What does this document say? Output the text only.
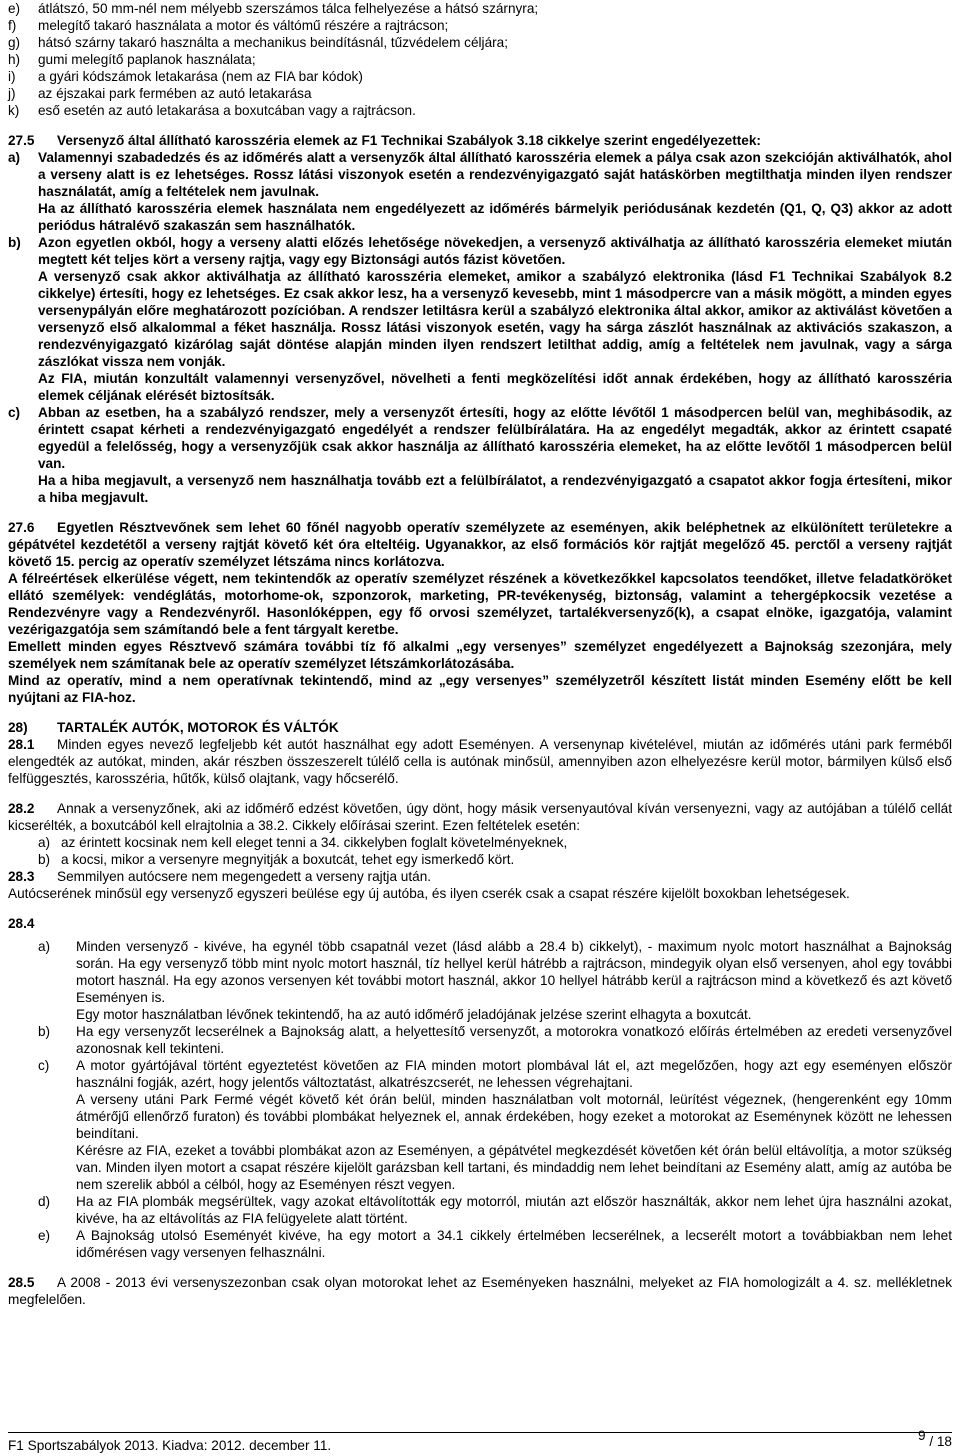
e)	átlátszó, 50 mm-nél nem mélyebb szerszámos tálca felhelyezése a hátsó szárnyra;
f)	melegítő takaró használata a motor és váltómű részére a rajtrácson;
g)	hátsó szárny takaró használta a mechanikus beindításnál, tűzvédelem céljára;
h)	gumi melegítő paplanok használata;
i)	a gyári kódszámok letakarása (nem az FIA bar kódok)
j)	az éjszakai park fermében az autó letakarása
k)	eső esetén az autó letakarása a boxutcában vagy a rajtrácson.
27.5	Versenyző által állítható karosszéria elemek az F1 Technikai Szabályok 3.18 cikkelye szerint engedélyezettek:
a)	Valamennyi szabadedzés és az időmérés alatt a versenyzők által állítható karosszéria elemek a pálya csak azon szekcióján aktiválhatók, ahol a verseny alatt is ez lehetséges. Rossz látási viszonyok esetén a rendezvényigazgató saját hatáskörben megtilthatja minden ilyen rendszer használatát, amíg a feltételek nem javulnak.

Ha az állítható karosszéria elemek használata nem engedélyezett az időmérés bármelyik periódusának kezdetén (Q1, Q, Q3) akkor az adott periódus hátralévő szakaszán sem használhatók.

b)	Azon egyetlen okból, hogy a verseny alatti előzés lehetősége növekedjen, a versenyző aktiválhatja az állítható karosszéria elemeket miután megtett két teljes kört a verseny rajtja, vagy egy Biztonsági autós fázist követően.

A versenyző csak akkor aktiválhatja az állítható karosszéria elemeket, amikor a szabályzó elektronika (lásd F1 Technikai Szabályok 8.2 cikkelye) értesíti, hogy ez lehetséges. Ez csak akkor lesz, ha a versenyző kevesebb, mint 1 másodpercre van a másik mögött, a minden egyes versenypályán előre meghatározott pozícióban. A rendszer letiltásra kerül a szabályzó elektronika által akkor, amikor az aktiválást követően a versenyző első alkalommal a féket használja. Rossz látási viszonyok esetén, vagy ha sárga zászlót használnak az aktivációs szakaszon, a rendezvényigazgató kizárólag saját döntése alapján minden ilyen rendszert letilthat addig, amíg a feltételek nem javulnak, vagy a sárga zászlókat vissza nem vonják.

Az FIA, miután konzultált valamennyi versenyzővel, növelheti a fenti megközelítési időt annak érdekében, hogy az állítható karosszéria elemek céljának elérését biztosítsák.

c)	Abban az esetben, ha a szabályzó rendszer, mely a versenyzőt értesíti, hogy az előtte lévőtől 1 másodpercen belül van, meghibásodik, az érintett csapat kérheti a rendezvényigazgató engedélyét a rendszer felülbírálatára. Ha az engedélyt megadták, akkor az érintett csapaté egyedül a felelősség, hogy a versenyzőjük csak akkor használja az állítható karosszéria elemeket, ha az előtte levőtől 1 másodpercen belül van.

Ha a hiba megjavult, a versenyző nem használhatja tovább ezt a felülbírálatot, a rendezvényigazgató a csapatot akkor fogja értesíteni, mikor a hiba megjavult.

27.6 Egyetlen Résztvevőnek sem lehet 60 főnél nagyobb operatív személyzete az eseményen, akik beléphetnek az elkülönített területekre a gépátvétel kezdetétől a verseny rajtját követő két óra elteltéig. Ugyanakkor, az első formációs kör rajtját megelőző 45. perctől a verseny rajtját követő 15. percig az operatív személyzet létszáma nincs korlátozva.

A félreértések elkerülése végett, nem tekintendők az operatív személyzet részének a következőkkel kapcsolatos teendőket, illetve feladatköröket ellátó személyek: vendéglátás, motorhome-ok, szponzorok, marketing, PR-tevékenység, biztonság, valamint a tehergépkocsik vezetése a Rendezvényre vagy a Rendezvényről. Hasonlóképpen, egy fő orvosi személyzet, tartalékversenyző(k), a csapat elnöke, igazgatója, valamint vezérigazgatója sem számítandó bele a fent tárgyalt keretbe.

Emellett minden egyes Résztvevő számára további tíz fő alkalmi „egy versenyes” személyzet engedélyezett a Bajnokság szezonjára, mely személyek nem számítanak bele az operatív személyzet létszámkorlátozásába.

Mind az operatív, mind a nem operatívnak tekintendő, mind az „egy versenyes” személyzetről készített listát minden Esemény előtt be kell nyújtani az FIA-hoz.

28)	TARTALÉK AUTÓK, MOTOROK ÉS VÁLTÓK

28.1 Minden egyes nevező legfeljebb két autót használhat egy adott Eseményen. A versenynap kivételével, miután az időmérés utáni park ferméből elengedték az autókat, minden, akár részben összeszerelt túlélő cella is autónak minősül, amennyiben azon elhelyezésre kerül motor, bármilyen külső első felfüggesztés, karosszéria, hűtők, külső olajtank, vagy hőcserélő.

28.2 Annak a versenyzőnek, aki az időmérő edzést követően, úgy dönt, hogy másik versenyautóval kíván versenyezni, vagy az autójában a túlélő cellát kicserélték, a boxutcából kell elrajtolnia a 38.2. Cikkely előírásai szerint. Ezen feltételek esetén:

a) az érintett kocsinak nem kell eleget tenni a 34. cikkelyben foglalt követelményeknek,
b) a kocsi, mikor a versenyre megnyitják a boxutcát, tehet egy ismerkedő kört.

28.3 Semmilyen autócsere nem megengedett a verseny rajtja után.

Autócserének minősül egy versenyző egyszeri beülése egy új autóba, és ilyen cserék csak a csapat részére kijelölt boxokban lehetségesek.

28.4
a)	Minden versenyző - kivéve, ha egynél több csapatnál vezet (lásd alább a 28.4 b) cikkelyt), - maximum nyolc motort használhat a Bajnokság során. Ha egy versenyző több mint nyolc motort használ, tíz hellyel kerül hátrébb a rajtrácson, mindegyik olyan első versenyen, ahol egy további motort használ. Ha egy azonos versenyen két további motort használ, akkor 10 hellyel hátrább kerül a rajtrácson mind a következő és azt követő Eseményen is.

Egy motor használatban lévőnek tekintendő, ha az autó időmérő jeladójának jelzése szerint elhagyta a boxutcát.

b)	Ha egy versenyzőt lecserélnek a Bajnokság alatt, a helyettesítő versenyzőt, a motorokra vonatkozó előírás értelmében az eredeti versenyzővel azonosnak kell tekinteni.

c)	A motor gyártójával történt egyeztetést követően az FIA minden motort plombával lát el, azt megelőzően, hogy azt egy eseményen először használni fogják, azért, hogy jelentős változtatást, alkatrészcserét, ne lehessen végrehajtani.

A verseny utáni Park Fermé végét követő két órán belül, minden használatban volt motornál, leürítést végeznek, (hengerenként egy 10mm átmérőjű ellenőrző furaton) és további plombákat helyeznek el, annak érdekében, hogy ezeket a motorokat az Eseménynek között ne lehessen beindítani.

Kérésre az FIA, ezeket a további plombákat azon az Eseményen, a gépátvétel megkezdését követően két órán belül eltávolítja, a motor szükség van. Minden ilyen motort a csapat részére kijelölt garázsban kell tartani, és mindaddig nem lehet beindítani az Esemény alatt, amíg az autóba be nem szerelik abból a célból, hogy az Eseményen részt vegyen.

d)	Ha az FIA plombák megsérültek, vagy azokat eltávolították egy motorról, miután azt először használták, akkor nem lehet újra használni azokat, kivéve, ha az eltávolítás az FIA felügyelete alatt történt.

e)	A Bajnokság utolsó Eseményét kivéve, ha egy motort a 34.1 cikkely értelmében lecserélnek, a lecserélt motort a továbbiakban nem lehet időmérésen vagy versenyen felhasználni.

28.5 A 2008 - 2013 évi versenyszezonban csak olyan motorokat lehet az Eseményeken használni, melyeket az FIA homologizált a 4. sz. mellékletnek megfelelően.

F1 Sportszabályok 2013. Kiadva: 2012. december 11.
9 / 18
